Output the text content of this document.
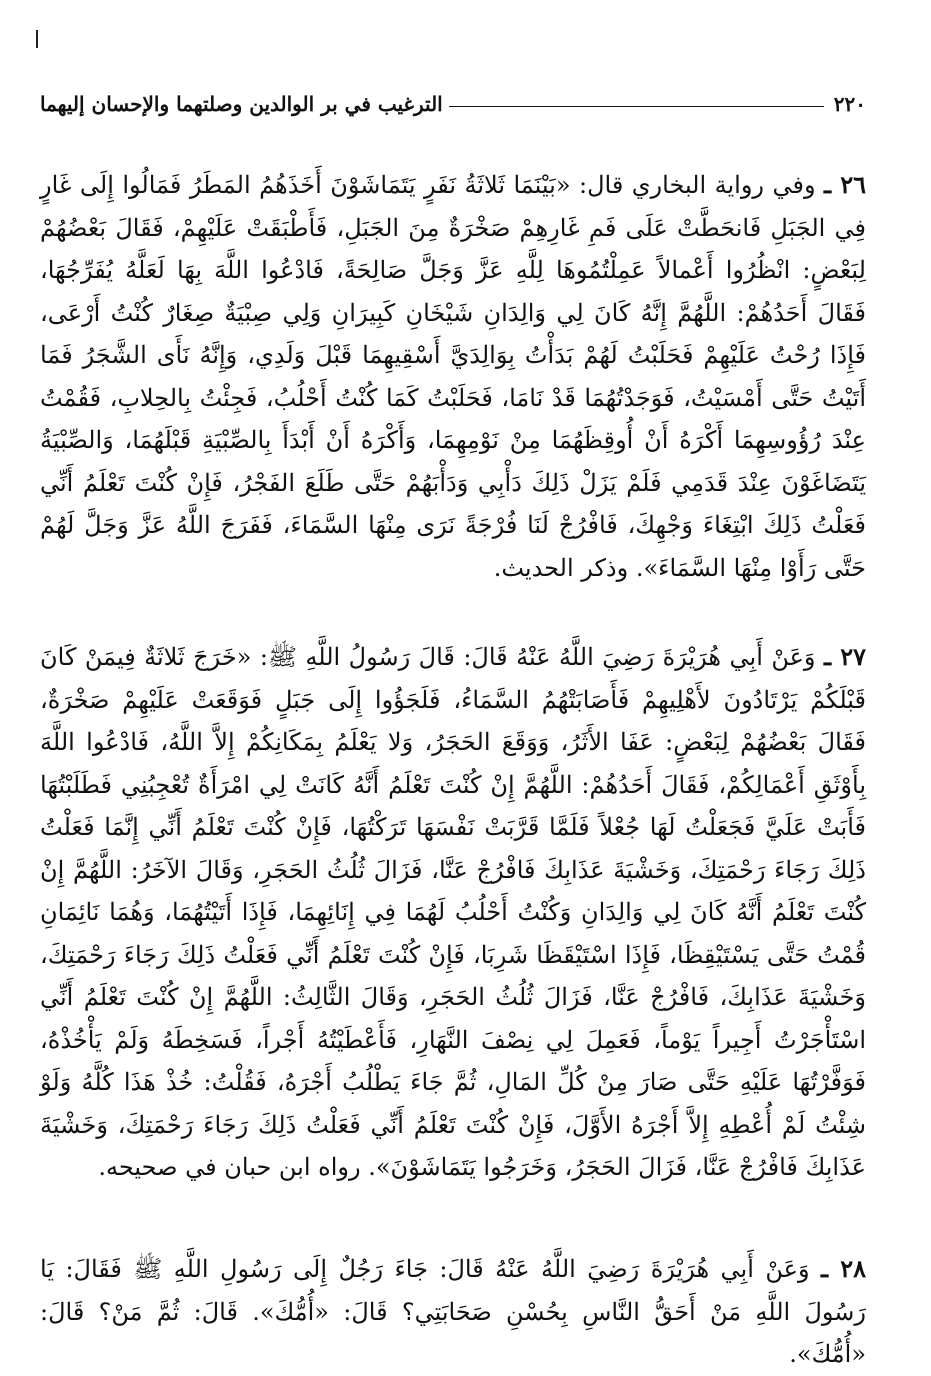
٢٢٠
الترغيب في بر الوالدين وصلتهما والإحسان إليهما

٢٦ ـ وفي رواية البخاري قال: «بَيْنَمَا ثَلاثَةُ نَفَرٍ يَتَمَاشَوْنَ أَخَذَهُمُ المَطَرُ فَمَالُوا إِلَى غَارٍ فِي الجَبَلِ فَانحَطَّتْ عَلَى فَمِ غَارِهِمْ صَخْرَةٌ مِنَ الجَبَلِ، فَأَطْبَقَتْ عَلَيْهِمْ، فَقَالَ بَعْضُهُمْ لِبَعْضٍ: انْظُرُوا أَعْمالاً عَمِلْتُمُوهَا لِلَّهِ عَزَّ وَجَلَّ صَالِحَةً، فَادْعُوا اللَّهَ بِهَا لَعَلَّهُ يُفَرِّجُهَا، فَقَالَ أَحَدُهُمْ: اللَّهُمَّ إِنَّهُ كَانَ لِي وَالِدَانِ شَيْخَانِ كَبِيرَانِ وَلِي صِبْيَةٌ صِغَارٌ كُنْتُ أَرْعَى، فَإِذَا رُحْتُ عَلَيْهِمْ فَحَلَبْتُ لَهُمْ بَدَأْتُ بِوَالِدَيَّ أَسْقِيهِمَا قَبْلَ وَلَدِي، وَإِنَّهُ نَأَى الشَّجَرُ فَمَا أَتَيْتُ حَتَّى أَمْسَيْتُ، فَوَجَدْتُهُمَا قَدْ نَامَا، فَحَلَبْتُ كَمَا كُنْتُ أَحْلُبُ، فَجِئْتُ بِالحِلابِ، فَقُمْتُ عِنْدَ رُؤُوسِهِمَا أَكْرَهُ أَنْ أُوقِظَهُمَا مِنْ نَوْمِهِمَا، وَأَكْرَهُ أَنْ أَبْدَأَ بِالصِّبْيَةِ قَبْلَهُمَا، وَالصِّبْيَةُ يَتَضَاغَوْنَ عِنْدَ قَدَمِي فَلَمْ يَزَلْ ذَلِكَ دَأْبِي وَدَأْبَهُمْ حَتَّى طَلَعَ الفَجْرُ، فَإِنْ كُنْتَ تَعْلَمُ أَنِّي فَعَلْتُ ذَلِكَ ابْتِغَاءَ وَجْهِكَ، فَافْرُجْ لَنَا فُرْجَةً نَرَى مِنْهَا السَّمَاءَ، فَفَرَجَ اللَّهُ عَزَّ وَجَلَّ لَهُمْ حَتَّى رَأَوْا مِنْهَا السَّمَاءَ». وذكر الحديث.

٢٧ ـ وَعَنْ أَبِي هُرَيْرَةَ رَضِيَ اللَّهُ عَنْهُ قَالَ: قَالَ رَسُولُ اللَّهِ ﷺ: «خَرَجَ ثَلاثَةٌ فِيمَنْ كَانَ قَبْلَكُمْ يَرْتَادُونَ لأَهْلِيهِمْ فَأَصَابَتْهُمُ السَّمَاءُ، فَلَجَؤُوا إِلَى جَبَلٍ فَوَقَعَتْ عَلَيْهِمْ صَخْرَةٌ، فَقَالَ بَعْضُهُمْ لِبَعْضٍ: عَفَا الأَثَرُ، وَوَقَعَ الحَجَرُ، وَلا يَعْلَمُ بِمَكَانِكُمْ إِلاَّ اللَّهُ، فَادْعُوا اللَّهَ بِأَوْثَقِ أَعْمَالِكُمْ، فَقَالَ أَحَدُهُمْ: اللَّهُمَّ إِنْ كُنْتَ تَعْلَمُ أَنَّهُ كَانَتْ لِي امْرَأَةٌ تُعْجِبُنِي فَطَلَبْتُهَا فَأَبَتْ عَلَيَّ فَجَعَلْتُ لَهَا جُعْلاً فَلَمَّا قَرَّبَتْ نَفْسَهَا تَرَكْتُهَا، فَإِنْ كُنْتَ تَعْلَمُ أَنِّي إِنَّمَا فَعَلْتُ ذَلِكَ رَجَاءَ رَحْمَتِكَ، وَخَشْيَةَ عَذَابِكَ فَافْرُجْ عَنَّا، فَزَالَ ثُلُثُ الحَجَرِ، وَقَالَ الآخَرُ: اللَّهُمَّ إِنْ كُنْتَ تَعْلَمُ أَنَّهُ كَانَ لِي وَالِدَانِ وَكُنْتُ أَحْلُبُ لَهُمَا فِي إِنَائِهِمَا، فَإِذَا أَتَيْتُهُمَا، وَهُمَا نَائِمَانِ قُمْتُ حَتَّى يَسْتَيْقِظَا، فَإِذَا اسْتَيْقَظَا شَرِبَا، فَإِنْ كُنْتَ تَعْلَمُ أَنِّي فَعَلْتُ ذَلِكَ رَجَاءَ رَحْمَتِكَ، وَخَشْيَةَ عَذَابِكَ، فَافْرُجْ عَنَّا، فَزَالَ ثُلُثُ الحَجَرِ، وَقَالَ الثَّالِثُ: اللَّهُمَّ إِنْ كُنْتَ تَعْلَمُ أَنِّي اسْتَأْجَرْتُ أَجِيراً يَوْماً، فَعَمِلَ لِي نِصْفَ النَّهَارِ، فَأَعْطَيْتُهُ أَجْراً، فَسَخِطَهُ وَلَمْ يَأْخُذْهُ، فَوَفَّرْتُهَا عَلَيْهِ حَتَّى صَارَ مِنْ كُلِّ المَالِ، ثُمَّ جَاءَ يَطْلُبُ أَجْرَهُ، فَقُلْتُ: خُذْ هَذَا كُلَّهُ وَلَوْ شِئْتُ لَمْ أُعْطِهِ إِلاَّ أَجْرَهُ الأَوَّلَ، فَإِنْ كُنْتَ تَعْلَمُ أَنِّي فَعَلْتُ ذَلِكَ رَجَاءَ رَحْمَتِكَ، وَخَشْيَةَ عَذَابِكَ فَافْرُجْ عَنَّا، فَزَالَ الحَجَرُ، وَخَرَجُوا يَتَمَاشَوْنَ». رواه ابن حبان في صحيحه.

٢٨ ـ وَعَنْ أَبِي هُرَيْرَةَ رَضِيَ اللَّهُ عَنْهُ قَالَ: جَاءَ رَجُلٌ إِلَى رَسُولِ اللَّهِ ﷺ فَقَالَ: يَا رَسُولَ اللَّهِ مَنْ أَحَقُّ النَّاسِ بِحُسْنِ صَحَابَتِي؟ قَالَ: «أُمُّكَ». قَالَ: ثُمَّ مَنْ؟ قَالَ: «أُمُّكَ».
